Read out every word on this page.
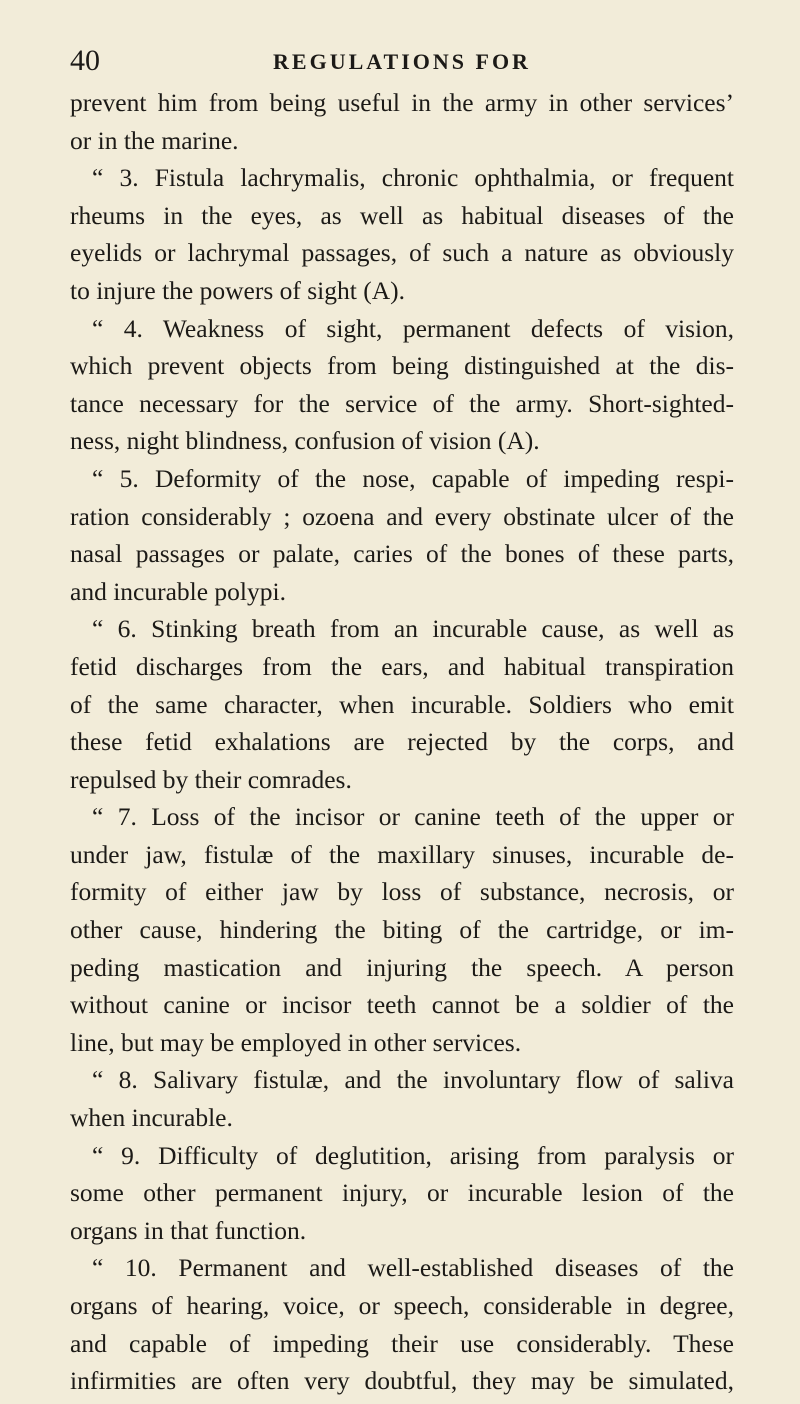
40	REGULATIONS FOR
prevent him from being useful in the army in other services’
or in the marine.
“ 3. Fistula lachrymalis, chronic ophthalmia, or frequent
rheums in the eyes, as well as habitual diseases of the
eyelids or lachrymal passages, of such a nature as obviously
to injure the powers of sight (A).
“ 4. Weakness of sight, permanent defects of vision,
which prevent objects from being distinguished at the dis-
tance necessary for the service of the army. Short-sighted-
ness, night blindness, confusion of vision (A).
“ 5. Deformity of the nose, capable of impeding respi-
ration considerably ; ozoena and every obstinate ulcer of the
nasal passages or palate, caries of the bones of these parts,
and incurable polypi.
“ 6. Stinking breath from an incurable cause, as well as
fetid discharges from the ears, and habitual transpiration
of the same character, when incurable. Soldiers who emit
these fetid exhalations are rejected by the corps, and
repulsed by their comrades.
“ 7. Loss of the incisor or canine teeth of the upper or
under jaw, fistulæ of the maxillary sinuses, incurable de-
formity of either jaw by loss of substance, necrosis, or
other cause, hindering the biting of the cartridge, or im-
peding mastication and injuring the speech. A person
without canine or incisor teeth cannot be a soldier of the
line, but may be employed in other services.
“ 8. Salivary fistulæ, and the involuntary flow of saliva
when incurable.
“ 9. Difficulty of deglutition, arising from paralysis or
some other permanent injury, or incurable lesion of the
organs in that function.
“ 10. Permanent and well-established diseases of the
organs of hearing, voice, or speech, considerable in degree,
and capable of impeding their use considerably. These
infirmities are often very doubtful, they may be simulated,
